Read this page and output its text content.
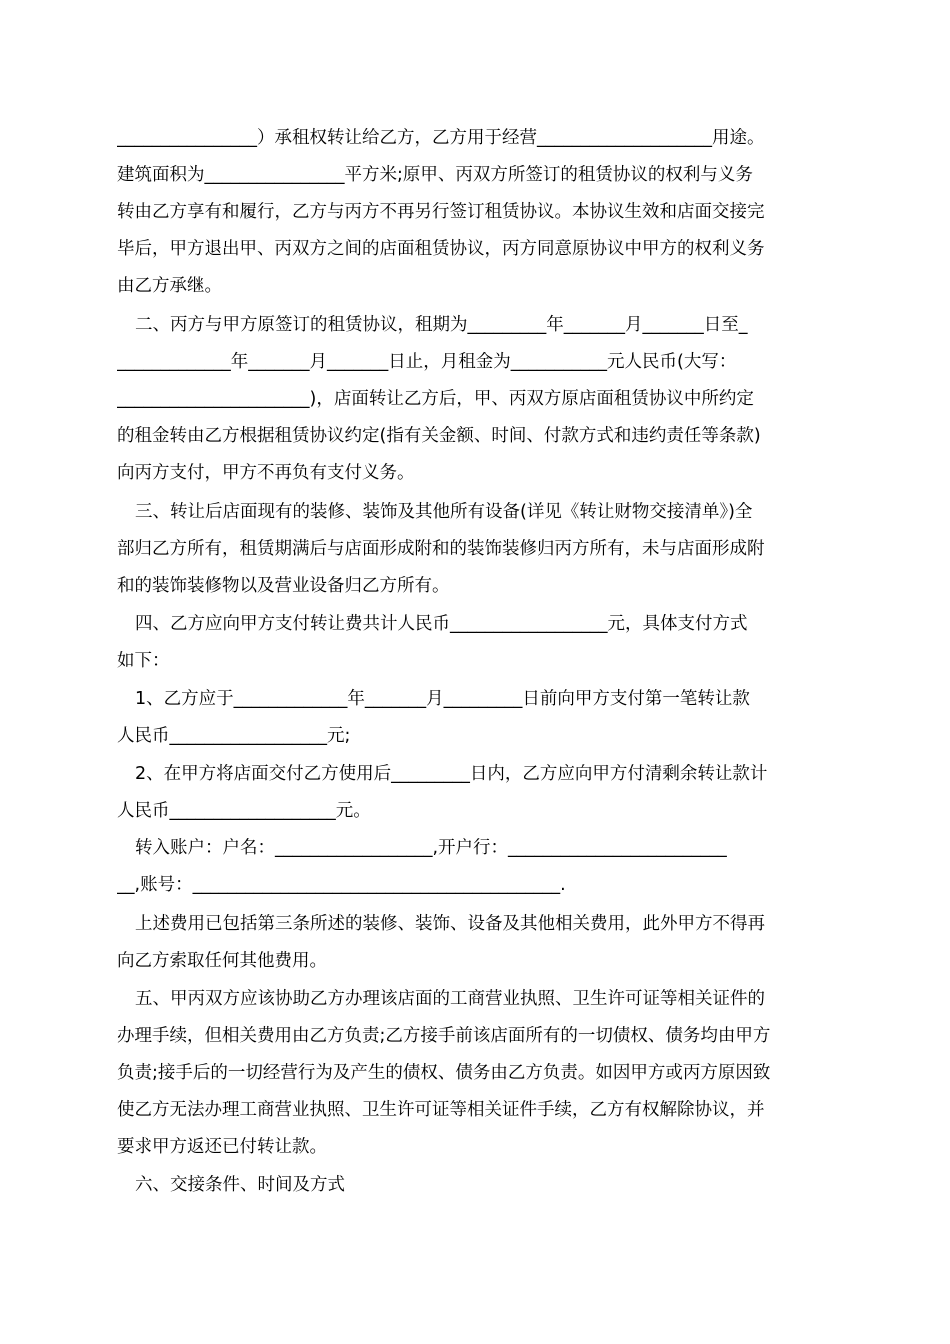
________________）承租权转让给乙方，乙方用于经营____________________用途。
建筑面积为________________平方米;原甲、丙双方所签订的租赁协议的权利与义务
转由乙方享有和履行，乙方与丙方不再另行签订租赁协议。本协议生效和店面交接完
毕后，甲方退出甲、丙双方之间的店面租赁协议，丙方同意原协议中甲方的权利义务
由乙方承继。
二、丙方与甲方原签订的租赁协议，租期为_________年_______月_______日至_
_____________年_______月_______日止，月租金为___________元人民币(大写：
______________________)，店面转让乙方后，甲、丙双方原店面租赁协议中所约定
的租金转由乙方根据租赁协议约定(指有关金额、时间、付款方式和违约责任等条款)
向丙方支付，甲方不再负有支付义务。
三、转让后店面现有的装修、装饰及其他所有设备(详见《转让财物交接清单》)全
部归乙方所有，租赁期满后与店面形成附和的装饰装修归丙方所有，未与店面形成附
和的装饰装修物以及营业设备归乙方所有。
四、乙方应向甲方支付转让费共计人民币__________________元，具体支付方式
如下：
1、乙方应于_____________年_______月_________日前向甲方支付第一笔转让款
人民币__________________元;
2、在甲方将店面交付乙方使用后_________日内，乙方应向甲方付清剩余转让款计
人民币___________________元。
转入账户：户名：__________________,开户行：_________________________
__,账号：__________________________________________.
上述费用已包括第三条所述的装修、装饰、设备及其他相关费用，此外甲方不得再
向乙方索取任何其他费用。
五、甲丙双方应该协助乙方办理该店面的工商营业执照、卫生许可证等相关证件的
办理手续，但相关费用由乙方负责;乙方接手前该店面所有的一切债权、债务均由甲方
负责;接手后的一切经营行为及产生的债权、债务由乙方负责。如因甲方或丙方原因致
使乙方无法办理工商营业执照、卫生许可证等相关证件手续，乙方有权解除协议，并
要求甲方返还已付转让款。
六、交接条件、时间及方式
